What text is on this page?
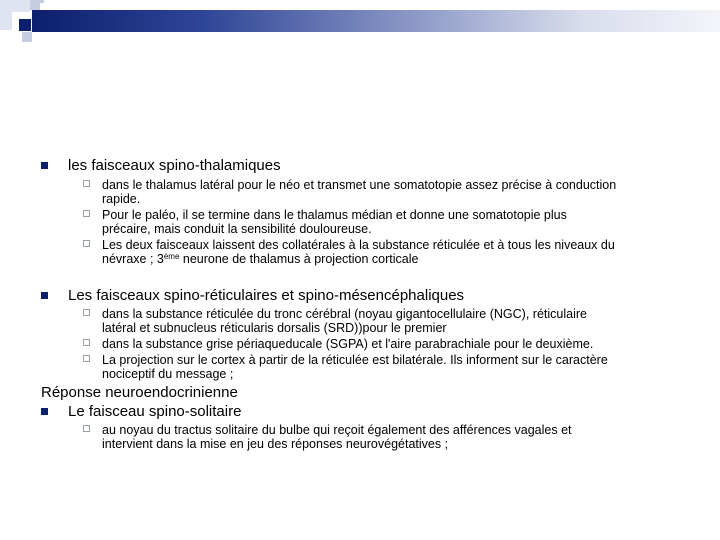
les faisceaux spino-thalamiques
dans le thalamus latéral pour le néo et transmet une somatotopie assez précise à conduction
rapide.
Pour le paléo, il se termine dans le thalamus médian et donne une somatotopie plus
précaire, mais conduit la sensibilité douloureuse.
Les deux faisceaux laissent des collatérales à la substance réticulée et à tous les niveaux du
névraxe ; 3ème neurone de thalamus à projection corticale
Les faisceaux spino-réticulaires et spino-mésencéphaliques
dans la substance réticulée du tronc cérébral (noyau gigantocellulaire (NGC), réticulaire
latéral et subnucleus réticularis dorsalis (SRD))pour le premier
dans la substance grise périaqueducale (SGPA) et l'aire parabrachiale pour le deuxième.
La projection sur le cortex à partir de la réticulée est bilatérale. Ils informent sur le caractère
nociceptif du message ;
Réponse neuroendocrinienne
Le faisceau spino-solitaire
au noyau du tractus solitaire du bulbe qui reçoit également des afférences vagales et
intervient dans la mise en jeu des réponses neurovégétatives ;
